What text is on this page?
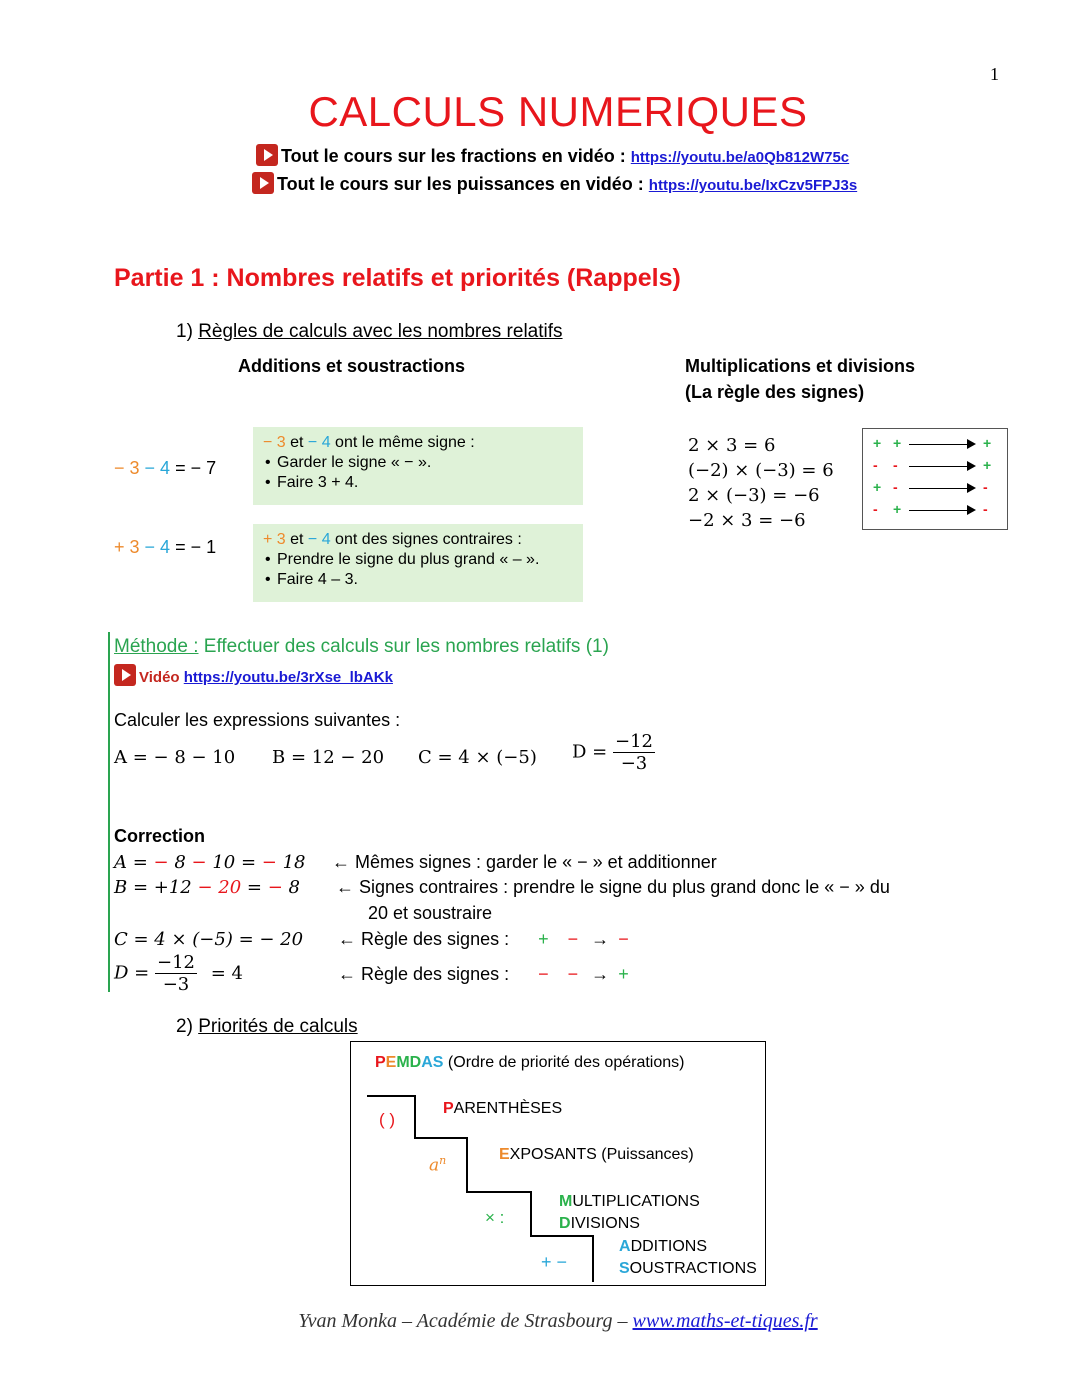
1
CALCULS NUMERIQUES
Tout le cours sur les fractions en vidéo : https://youtu.be/a0Qb812W75c
Tout le cours sur les puissances en vidéo : https://youtu.be/IxCzv5FPJ3s
Partie 1 : Nombres relatifs et priorités (Rappels)
1) Règles de calculs avec les nombres relatifs
Additions et soustractions	Multiplications et divisions
(La règle des signes)
− 3 − 4 = − 7
− 3 et − 4 ont le même signe :
• Garder le signe « − ».
• Faire 3 + 4.
+ 3 − 4 = − 1	+ 3 et − 4 ont des signes contraires :
• Prendre le signe du plus grand « – ».
• Faire 4 – 3.
2 × 3 = 6
(−2) × (−3) = 6
2 × (−3) = −6
−2 × 3 = −6
+ +	+
- -	+
+ -	-
- +	-
Méthode : Effectuer des calculs sur les nombres relatifs (1)
Vidéo https://youtu.be/3rXse_lbAKk
Calculer les expressions suivantes :
A = − 8 − 10 B = 12 − 20 C = 4 × (−5) $D = \frac{-12}{-3}$
Correction
A = − 8 − 10 = − 18 ← Mêmes signes : garder le « − » et additionner
B = +12 − 20 = − 8 ← Signes contraires : prendre le signe du plus grand donc le « − » du
20 et soustraire
C = 4 × (−5) = − 20 ← Règle des signes : + − → −
$D = \frac{-12}{-3} = 4$	← Règle des signes : − − → +
2) Priorités de calculs
PEMDAS (Ordre de priorité des opérations)
( )
PARENTHÈSES
$a^n$	EXPOSANTS (Puissances)
× :
MULTIPLICATIONS
DIVISIONS
+ −
ADDITIONS
SOUSTRACTIONS
Yvan Monka – Académie de Strasbourg – www.maths-et-tiques.fr
